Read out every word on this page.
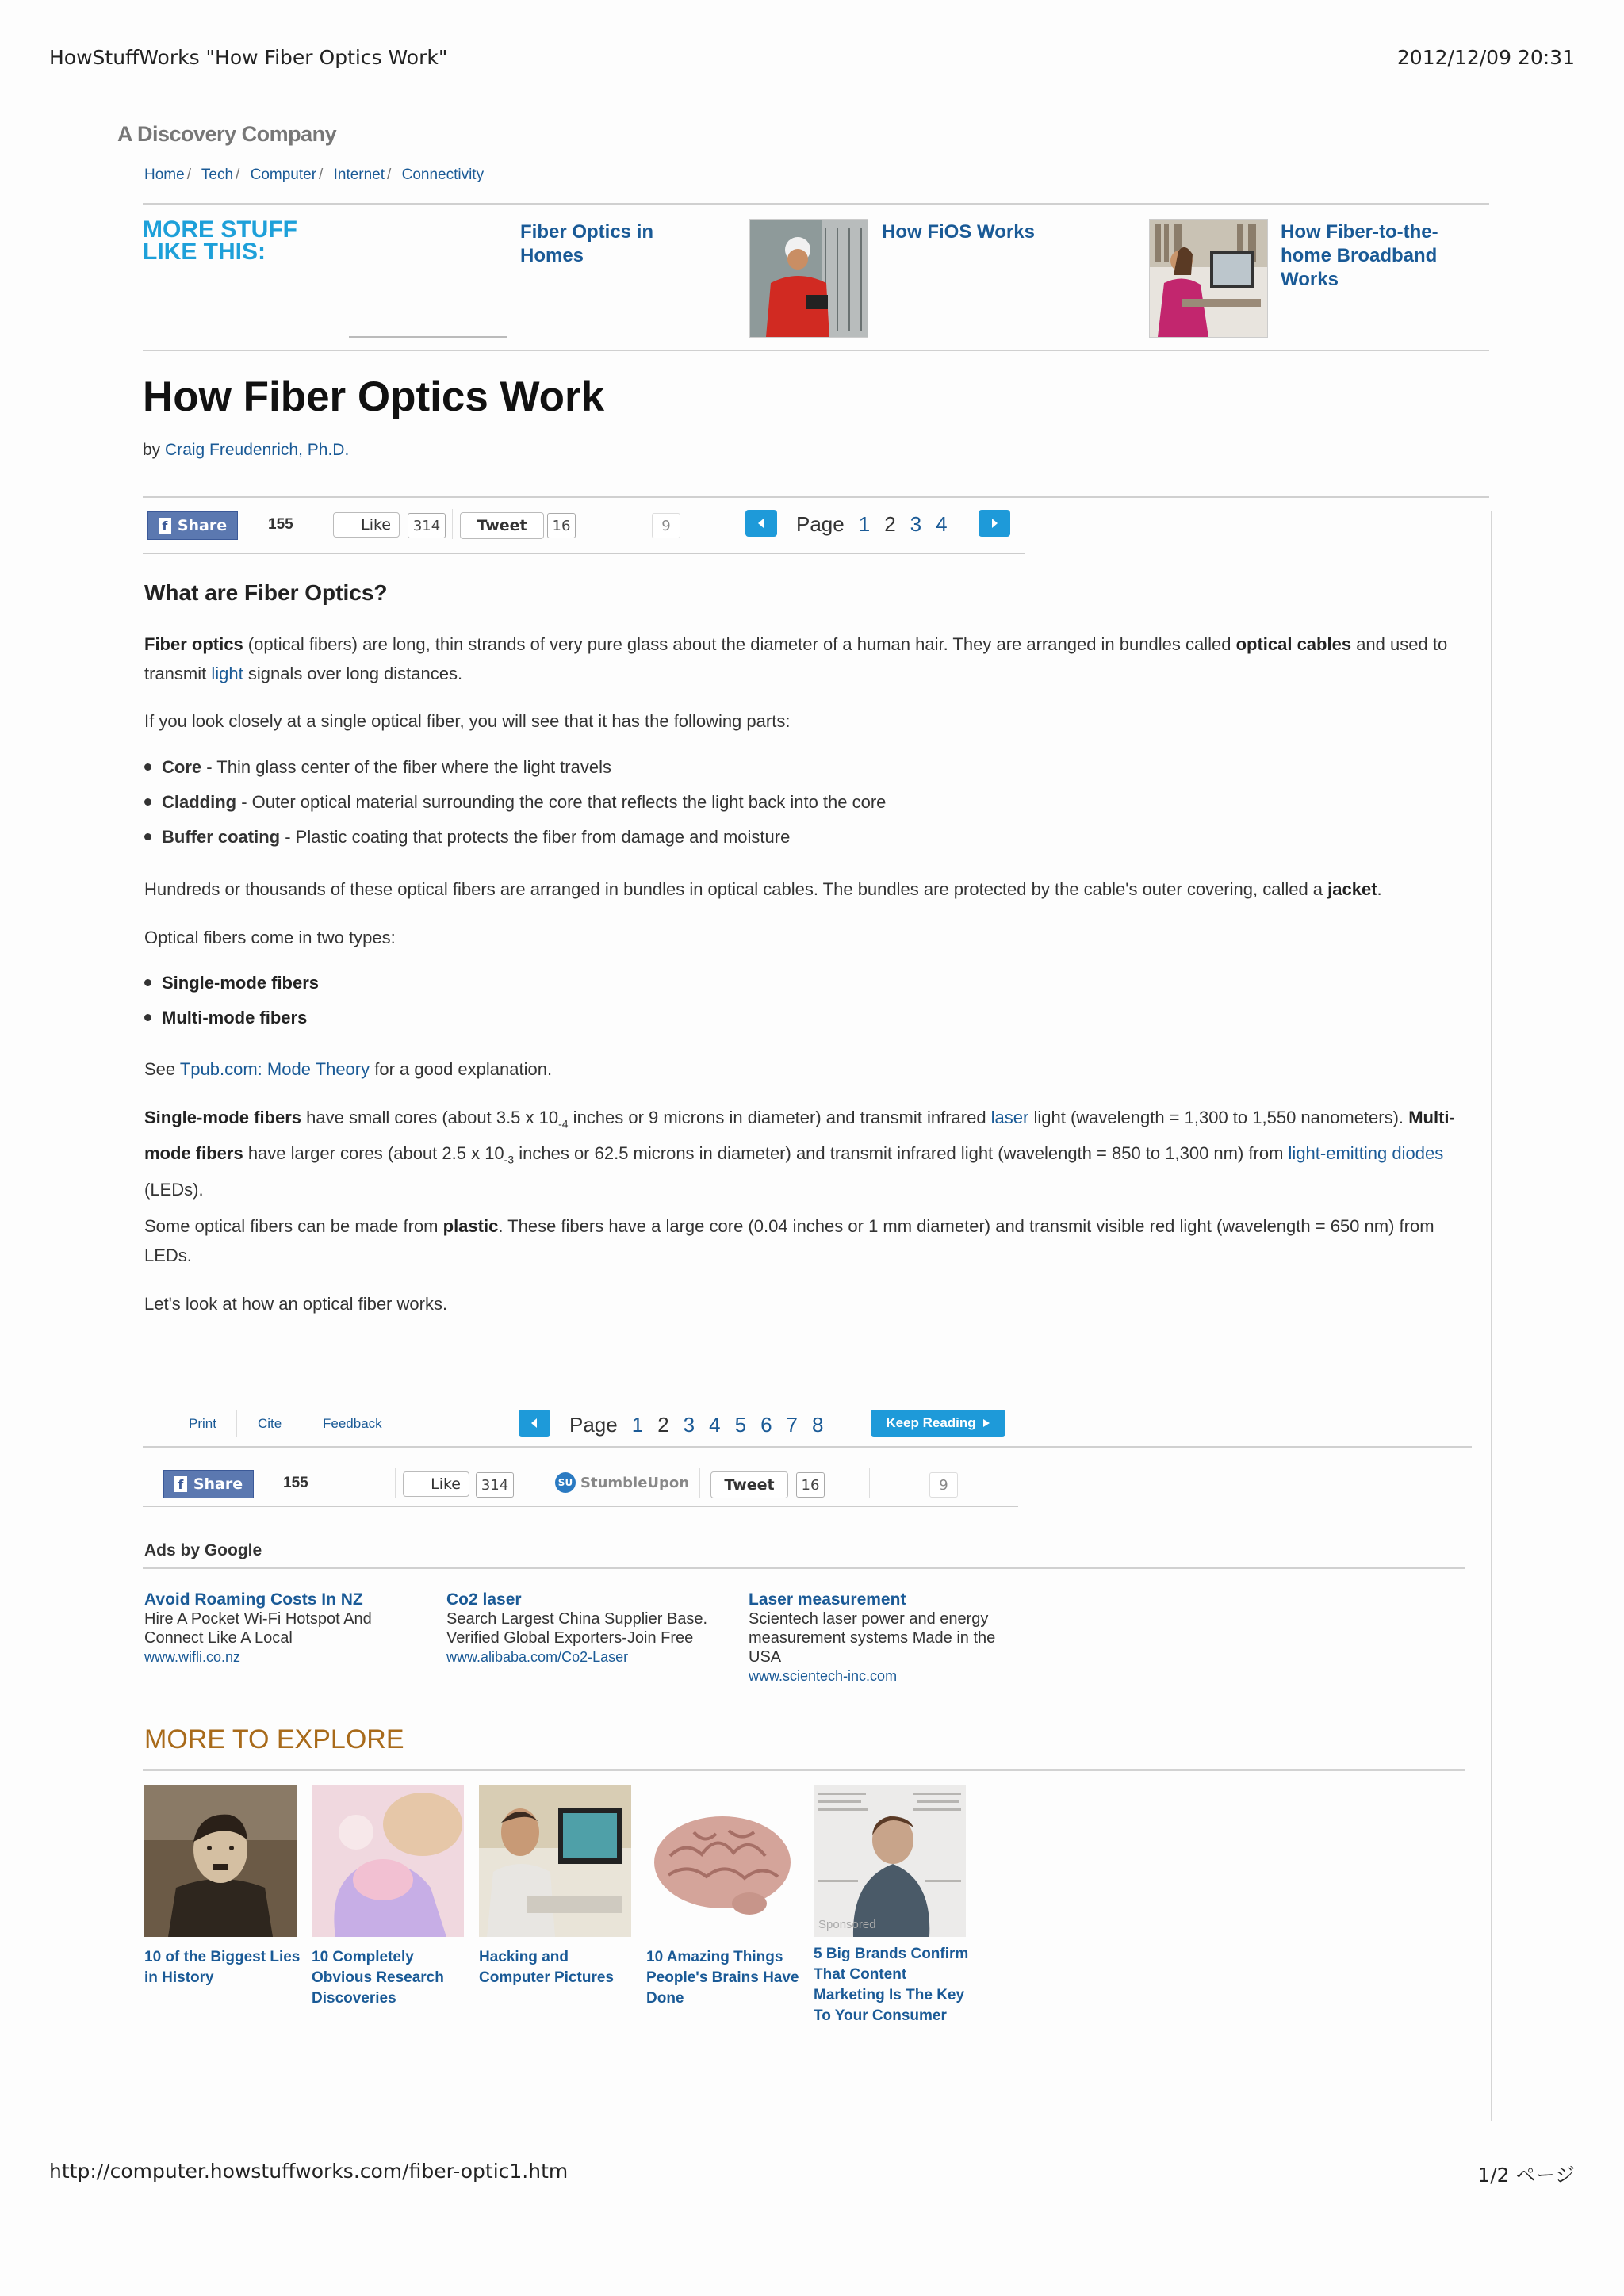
HowStuffWorks "How Fiber Optics Work"	2012/12/09 20:31
A Discovery Company
Home / Tech / Computer / Internet / Connectivity
MORE STUFF
LIKE THIS:
Fiber Optics in
Homes
How FiOS Works	How Fiber-to-the-
home Broadband
Works
How Fiber Optics Work
by Craig Freudenrich, Ph.D.
f Share	155	Like	314	Tweet	16	9	Page 1 2 3 4
What are Fiber Optics?
Fiber optics (optical fibers) are long, thin strands of very pure glass about the diameter of a human hair. They are arranged in bundles called optical cables and used to transmit light signals over long distances.
If you look closely at a single optical fiber, you will see that it has the following parts:
Core - Thin glass center of the fiber where the light travels
Cladding - Outer optical material surrounding the core that reflects the light back into the core
Buffer coating - Plastic coating that protects the fiber from damage and moisture
Hundreds or thousands of these optical fibers are arranged in bundles in optical cables. The bundles are protected by the cable's outer covering, called a jacket.
Optical fibers come in two types:
Single-mode fibers
Multi-mode fibers
See Tpub.com: Mode Theory for a good explanation.
Single-mode fibers have small cores (about 3.5 x $10_{-4}$ inches or 9 microns in diameter) and transmit infrared laser light (wavelength = 1,300 to 1,550 nanometers). Multi-mode fibers have larger cores (about 2.5 x $10_{-3}$ inches or 62.5 microns in diameter) and transmit infrared light (wavelength = 850 to 1,300 nm) from light-emitting diodes (LEDs).
Some optical fibers can be made from plastic. These fibers have a large core (0.04 inches or 1 mm diameter) and transmit visible red light (wavelength = 650 nm) from LEDs.
Let's look at how an optical fiber works.
Print	Cite	Feedback	Page 1 2 3 4 5 6 7 8	Keep Reading
f Share	155	Like	314	SU StumbleUpon Tweet	16	9
Ads by Google
Avoid Roaming Costs In NZ
Hire A Pocket Wi-Fi Hotspot And Connect Like A Local
www.wifli.co.nz
Co2 laser
Search Largest China Supplier Base. Verified Global Exporters-Join Free
www.alibaba.com/Co2-Laser
Laser measurement
Scientech laser power and energy measurement systems Made in the USA
www.scientech-inc.com
MORE TO EXPLORE
10 of the Biggest Lies in History
10 Completely Obvious Research Discoveries
Hacking and Computer Pictures
10 Amazing Things People's Brains Have Done
Sponsored
5 Big Brands Confirm That Content Marketing Is The Key To Your Consumer
http://computer.howstuffworks.com/fiber-optic1.htm	1/2 ページ
